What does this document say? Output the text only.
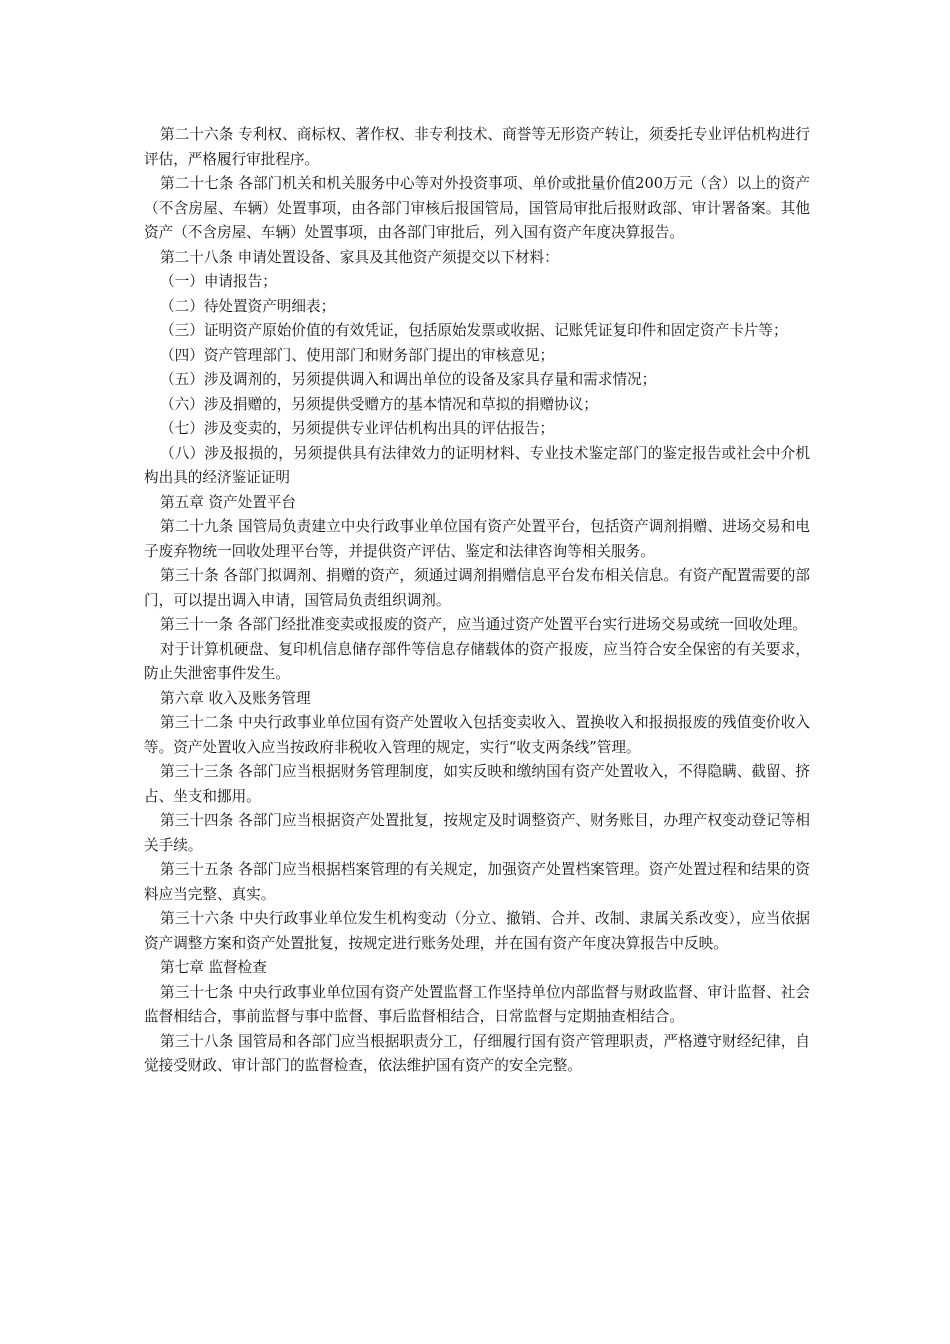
第二十六条 专利权、商标权、著作权、非专利技术、商誉等无形资产转让，须委托专业评估机构进行评估，严格履行审批程序。

第二十七条 各部门机关和机关服务中心等对外投资事项、单价或批量价值200万元（含）以上的资产（不含房屋、车辆）处置事项，由各部门审核后报国管局，国管局审批后报财政部、审计署备案。其他资产（不含房屋、车辆）处置事项，由各部门审批后，列入国有资产年度决算报告。

第二十八条 申请处置设备、家具及其他资产须提交以下材料：

（一）申请报告；

（二）待处置资产明细表；

（三）证明资产原始价值的有效凭证，包括原始发票或收据、记账凭证复印件和固定资产卡片等；

（四）资产管理部门、使用部门和财务部门提出的审核意见；

（五）涉及调剂的，另须提供调入和调出单位的设备及家具存量和需求情况；

（六）涉及捐赠的，另须提供受赠方的基本情况和草拟的捐赠协议；

（七）涉及变卖的，另须提供专业评估机构出具的评估报告；

（八）涉及报损的，另须提供具有法律效力的证明材料、专业技术鉴定部门的鉴定报告或社会中介机构出具的经济鉴证证明

第五章 资产处置平台

第二十九条 国管局负责建立中央行政事业单位国有资产处置平台，包括资产调剂捐赠、进场交易和电子废弃物统一回收处理平台等，并提供资产评估、鉴定和法律咨询等相关服务。

第三十条 各部门拟调剂、捐赠的资产，须通过调剂捐赠信息平台发布相关信息。有资产配置需要的部门，可以提出调入申请，国管局负责组织调剂。

第三十一条 各部门经批准变卖或报废的资产，应当通过资产处置平台实行进场交易或统一回收处理。

对于计算机硬盘、复印机信息储存部件等信息存储载体的资产报废，应当符合安全保密的有关要求，防止失泄密事件发生。

第六章 收入及账务管理

第三十二条 中央行政事业单位国有资产处置收入包括变卖收入、置换收入和报损报废的残值变价收入等。资产处置收入应当按政府非税收入管理的规定，实行“收支两条线”管理。

第三十三条 各部门应当根据财务管理制度，如实反映和缴纳国有资产处置收入，不得隐瞒、截留、挤占、坐支和挪用。

第三十四条 各部门应当根据资产处置批复，按规定及时调整资产、财务账目，办理产权变动登记等相关手续。

第三十五条 各部门应当根据档案管理的有关规定，加强资产处置档案管理。资产处置过程和结果的资料应当完整、真实。

第三十六条 中央行政事业单位发生机构变动（分立、撤销、合并、改制、隶属关系改变），应当依据资产调整方案和资产处置批复，按规定进行账务处理，并在国有资产年度决算报告中反映。

第七章 监督检查

第三十七条 中央行政事业单位国有资产处置监督工作坚持单位内部监督与财政监督、审计监督、社会监督相结合，事前监督与事中监督、事后监督相结合，日常监督与定期抽查相结合。

第三十八条 国管局和各部门应当根据职责分工，仔细履行国有资产管理职责，严格遵守财经纪律，自觉接受财政、审计部门的监督检查，依法维护国有资产的安全完整。
